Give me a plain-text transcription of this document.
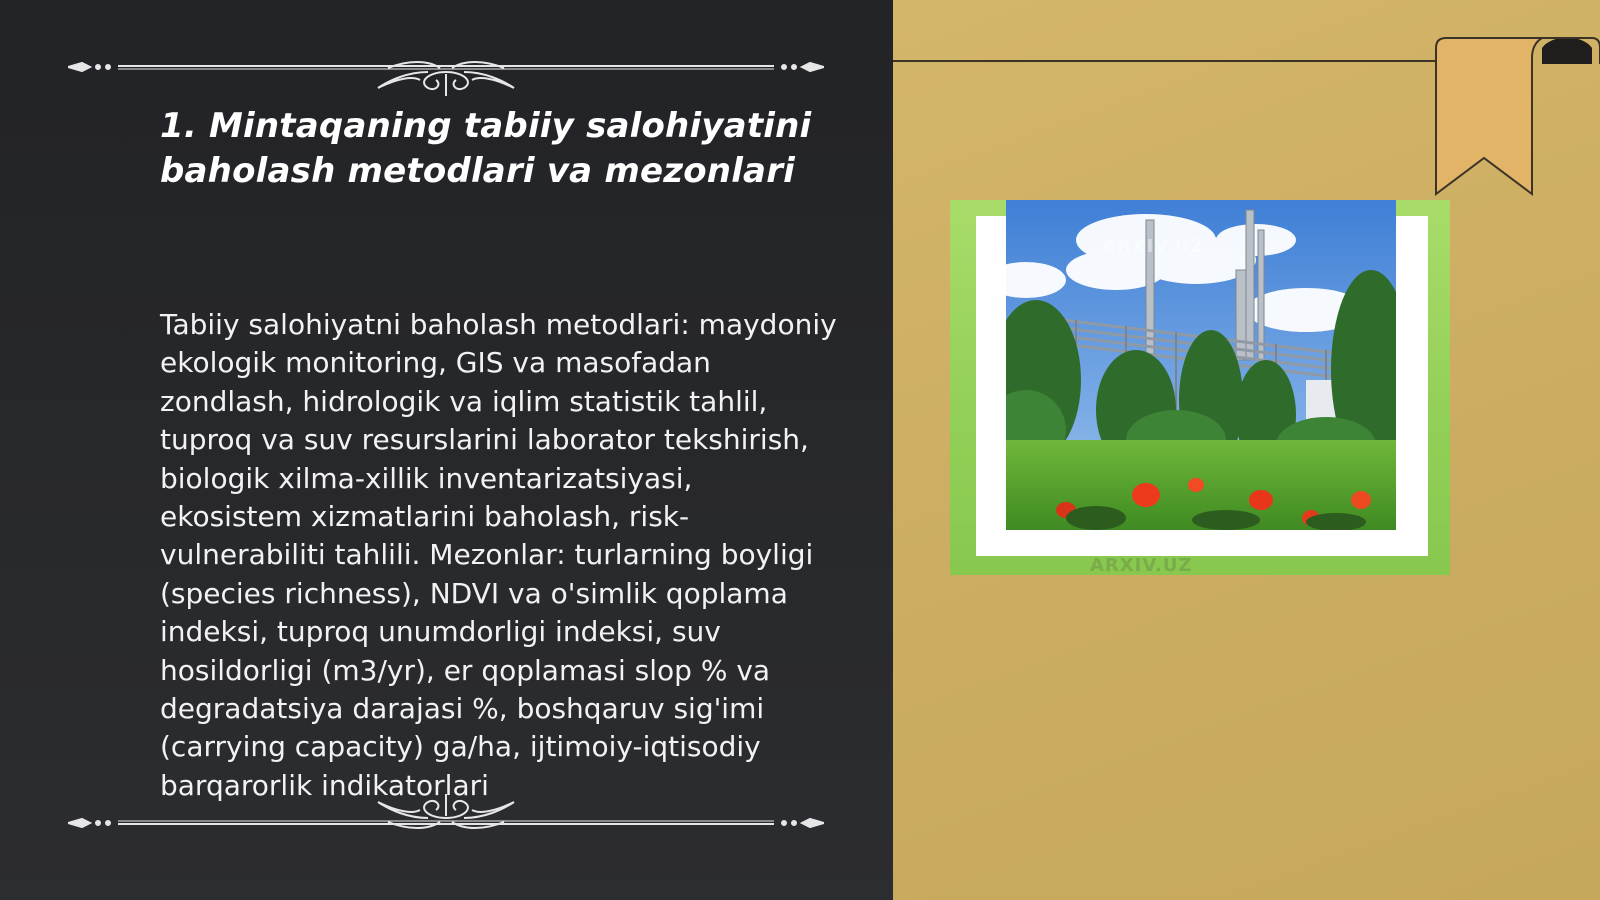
1. Mintaqaning tabiiy salohiyatini baholash metodlari va mezonlari

Tabiiy salohiyatni baholash metodlari: maydoniy ekologik monitoring, GIS va masofadan zondlash, hidrologik va iqlim statistik tahlil, tuproq va suv resurslarini laborator tekshirish, biologik xilma-xillik inventarizatsiyasi, ekosistem xizmatlarini baholash, risk-vulnerabiliti tahlili. Mezonlar: turlarning boyligi (species richness), NDVI va o'simlik qoplama indeksi, tuproq unumdorligi indeksi, suv hosildorligi (m3/yr), er qoplamasi slop % va degradatsiya darajasi %, boshqaruv sig'imi (carrying capacity) ga/ha, ijtimoiy-iqtisodiy barqarorlik indikatorlari

ARXIV.UZ
ARXIV.UZ
